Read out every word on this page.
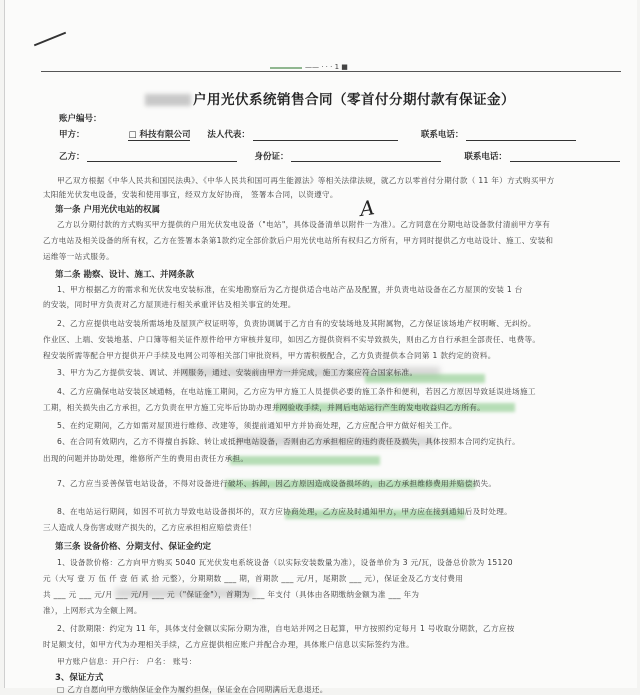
—— · · · 1 ■
户用光伏系统销售合同（零首付分期付款有保证金）
账户编号：
甲方：	□ 科技有限公司 法人代表：	联系电话：
乙方：	身份证：	联系电话：
甲乙双方根据《中华人民共和国民法典》、《中华人民共和国可再生能源法》等相关法律法规，就乙方以零首付分期付款（ 11 年）方式购买甲方
太阳能光伏发电设备，安装和使用事宜，经双方友好协商， 签署本合同，以资遵守。
A
第一条 户用光伏电站的权属
乙方以分期付款的方式购买甲方提供的户用光伏发电设备（"电站"，具体设备清单以附件一为准）。乙方同意在分期电站设备款付清前甲方享有
乙方电站及相关设备的所有权，乙方在签署本条第1款约定全部价款后户用光伏电站所有权归乙方所有，甲方同时提供乙方电站设计、施工、安装和
运维等一站式服务。
第二条 勘察、设计、施工、并网条款
1、甲方根据乙方的需求和光伏发电安装标准，在实地勘察后为乙方提供适合电站产品及配置，并负责电站设备在乙方屋顶的安装 1 台
的安装，同时甲方负责对乙方屋顶进行相关承重评估及相关事宜的处理。
2、乙方应提供电站安装所需场地及屋顶产权证明等，负责协调属于乙方自有的安装场地及其附属物，乙方保证该场地产权明晰、无纠纷。
作业区、上端、安装地基、户口簿等相关证件原件给甲方审核并复印，如因乙方提供资料不实导致损失，则由乙方自行承担全部责任、电费等。
程安装所需等配合甲方提供开户手续及电网公司等相关部门审批资料，甲方需积极配合，乙方负责提供本合同第 1 款约定的资料。
3、甲方为乙方提供安装、调试、并网服务，通过、安装前由甲方一并完成，施工方案应符合国家标准。
4、乙方应确保电站安装区域通畅，在电站施工期间，乙方应为甲方施工人员提供必要的施工条件和便利，若因乙方原因导致延误进场施工
工期，相关损失由乙方承担，乙方负责在甲方施工完毕后协助办理并网验收手续，并网后电站运行产生的发电收益归乙方所有。
5、在约定期间，乙方如需对屋顶进行维修、改建等，须提前通知甲方并协商处理，乙方应配合甲方做好相关工作。
6、在合同有效期内，乙方不得擅自拆除、转让或抵押电站设备，否则由乙方承担相应的违约责任及损失，具体按照本合同约定执行。
出现的问题并协助处理，维修所产生的费用由责任方承担。
7、乙方应当妥善保管电站设备，不得对设备进行破坏、拆卸，因乙方原因造成设备损坏的，由乙方承担维修费用并赔偿损失。
8、在电站运行期间，如因不可抗力导致电站设备损坏的，双方应协商处理，乙方应及时通知甲方，甲方应在接到通知后及时处理。
三人造成人身伤害或财产损失的，乙方应承担相应赔偿责任！
第三条 设备价格、分期支付、保证金约定
1、设备款价格：乙方向甲方购买 5040 瓦光伏发电系统设备（以实际安装数量为准），设备单价为 3 元/瓦，设备总价款为 15120
元（大写 壹 万 伍 仟 壹 佰 贰 拾 元整），分期期数 ___ 期，首期款 ___ 元/月，尾期款 ___ 元），保证金及乙方支付费用
共 ___ 元 ___ 元/月 ___ 元/月 ___ 元（"保证金"），首期为 ___ 年支付（具体由各期缴纳金额为准 ___ 年为
准），上网形式为全额上网。
2、付款期限：约定为 11 年，具体支付金额以实际分期为准，自电站并网之日起算，甲方按照约定每月 1 号收取分期款，乙方应按
时足额支付，如甲方代为办理相关手续，乙方应提供相应账户并配合办理，具体账户信息以实际签约为准。
甲方账户信息：开户行： 户名： 账号：
3、保证方式
□ 乙方自愿向甲方缴纳保证金作为履约担保，保证金在合同期满后无息退还。
